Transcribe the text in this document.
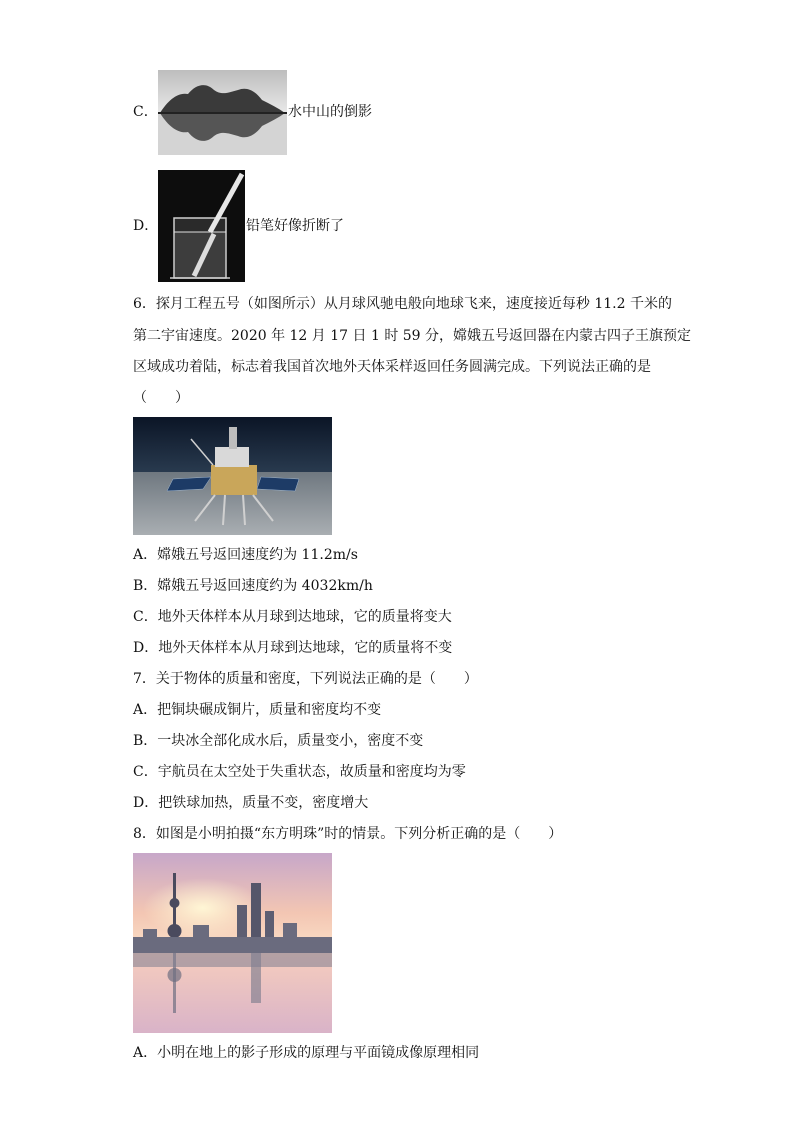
C．	水中山的倒影
D．	铅笔好像折断了
6．探月工程五号（如图所示）从月球风驰电般向地球飞来，速度接近每秒 11.2 千米的
第二宇宙速度。2020 年 12 月 17 日 1 时 59 分，嫦娥五号返回器在内蒙古四子王旗预定
区域成功着陆，标志着我国首次地外天体采样返回任务圆满完成。下列说法正确的是
（　　）
A．嫦娥五号返回速度约为 11.2m/s
B．嫦娥五号返回速度约为 4032km/h
C．地外天体样本从月球到达地球，它的质量将变大
D．地外天体样本从月球到达地球，它的质量将不变
7．关于物体的质量和密度，下列说法正确的是（　　）
A．把铜块碾成铜片，质量和密度均不变
B．一块冰全部化成水后，质量变小，密度不变
C．宇航员在太空处于失重状态，故质量和密度均为零
D．把铁球加热，质量不变，密度增大
8．如图是小明拍摄“东方明珠”时的情景。下列分析正确的是（　　）
A．小明在地上的影子形成的原理与平面镜成像原理相同
